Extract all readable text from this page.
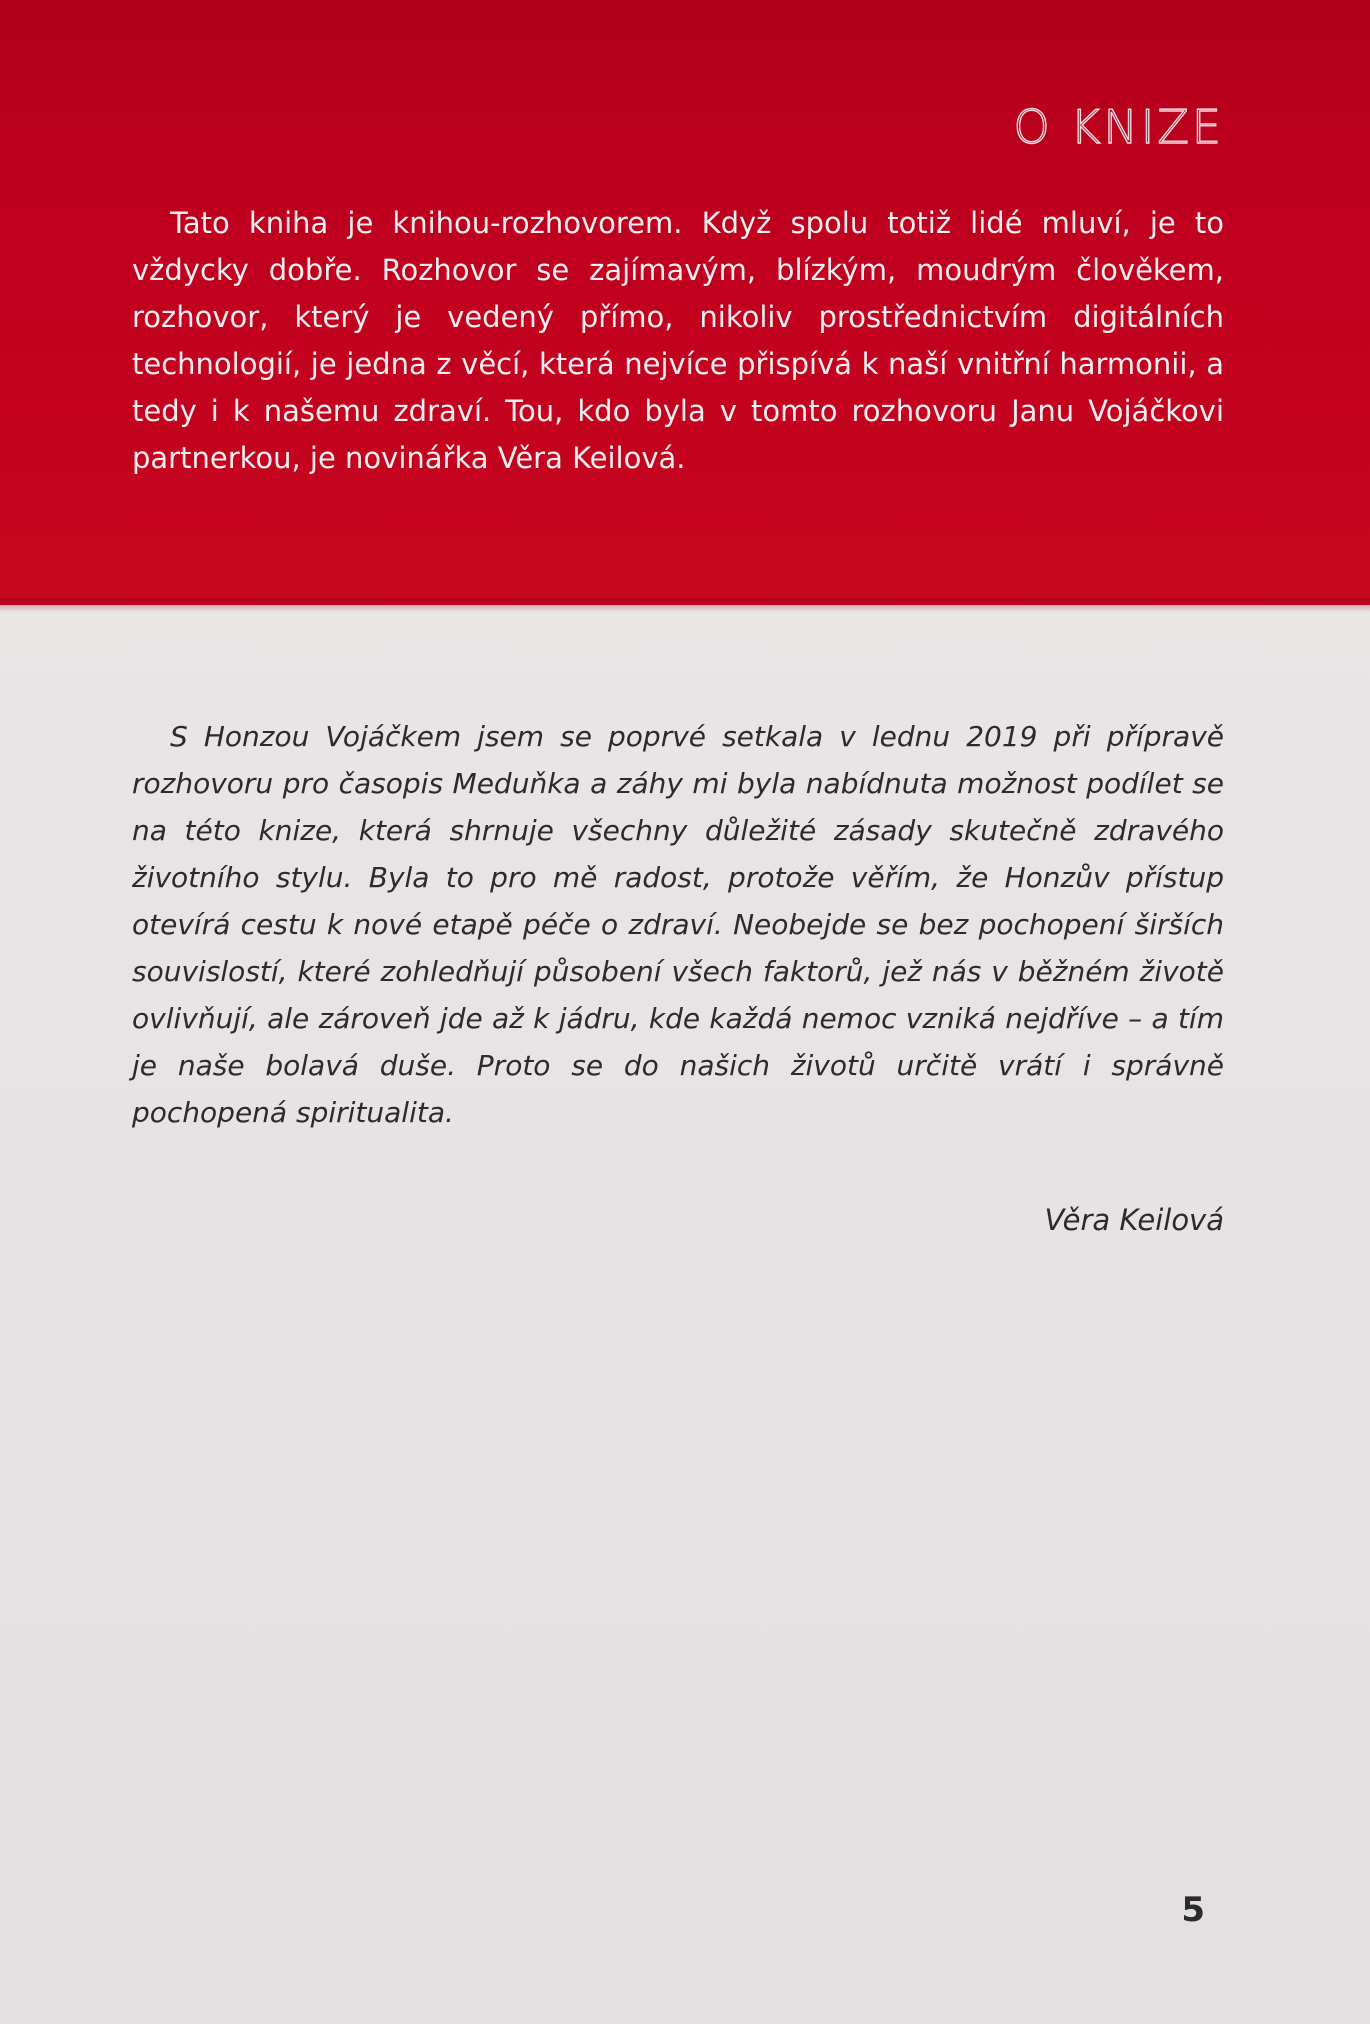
O KNIZE

Tato kniha je knihou-rozhovorem. Když spolu totiž lidé mluví, je to vždycky dobře. Rozhovor se zajímavým, blízkým, moudrým člověkem, rozhovor, který je vedený přímo, nikoliv prostřednictvím digitálních technologií, je jedna z věcí, která nejvíce přispívá k naší vnitřní harmonii, a tedy i k našemu zdraví. Tou, kdo byla v tomto rozhovoru Janu Vojáčkovi partnerkou, je novinářka Věra Keilová.

S Honzou Vojáčkem jsem se poprvé setkala v lednu 2019 při přípravě rozhovoru pro časopis Meduňka a záhy mi byla nabídnuta možnost podílet se na této knize, která shrnuje všechny důležité zásady skutečně zdravého životního stylu. Byla to pro mě radost, protože věřím, že Honzův přístup otevírá cestu k nové etapě péče o zdraví. Neobejde se bez pochopení širších souvislostí, které zohledňují působení všech faktorů, jež nás v běžném životě ovlivňují, ale zároveň jde až k jádru, kde každá nemoc vzniká nejdříve – a tím je naše bolavá duše. Proto se do našich životů určitě vrátí i správně pochopená spiritualita.

Věra Keilová

5
